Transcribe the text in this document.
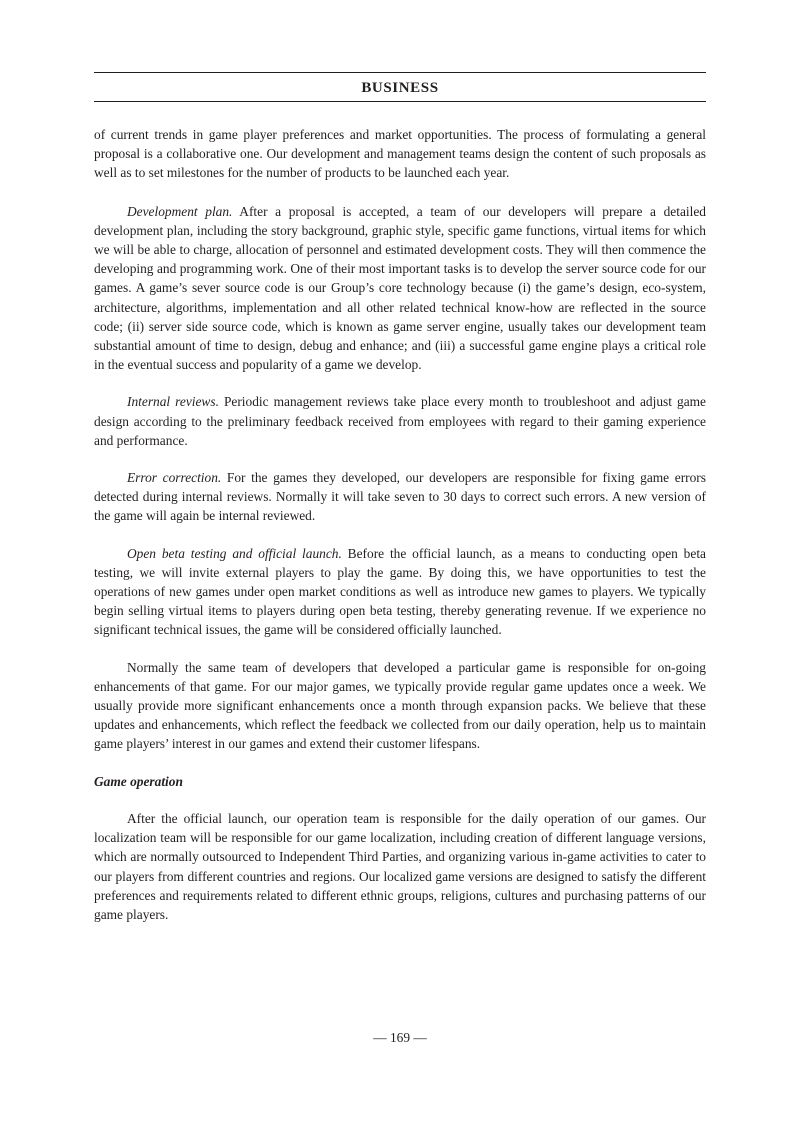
BUSINESS

of current trends in game player preferences and market opportunities. The process of formulating a general proposal is a collaborative one. Our development and management teams design the content of such proposals as well as to set milestones for the number of products to be launched each year.

Development plan. After a proposal is accepted, a team of our developers will prepare a detailed development plan, including the story background, graphic style, specific game functions, virtual items for which we will be able to charge, allocation of personnel and estimated development costs. They will then commence the developing and programming work. One of their most important tasks is to develop the server source code for our games. A game’s sever source code is our Group’s core technology because (i) the game’s design, eco-system, architecture, algorithms, implementation and all other related technical know-how are reflected in the source code; (ii) server side source code, which is known as game server engine, usually takes our development team substantial amount of time to design, debug and enhance; and (iii) a successful game engine plays a critical role in the eventual success and popularity of a game we develop.

Internal reviews. Periodic management reviews take place every month to troubleshoot and adjust game design according to the preliminary feedback received from employees with regard to their gaming experience and performance.

Error correction. For the games they developed, our developers are responsible for fixing game errors detected during internal reviews. Normally it will take seven to 30 days to correct such errors. A new version of the game will again be internal reviewed.

Open beta testing and official launch. Before the official launch, as a means to conducting open beta testing, we will invite external players to play the game. By doing this, we have opportunities to test the operations of new games under open market conditions as well as introduce new games to players. We typically begin selling virtual items to players during open beta testing, thereby generating revenue. If we experience no significant technical issues, the game will be considered officially launched.

Normally the same team of developers that developed a particular game is responsible for on-going enhancements of that game. For our major games, we typically provide regular game updates once a week. We usually provide more significant enhancements once a month through expansion packs. We believe that these updates and enhancements, which reflect the feedback we collected from our daily operation, help us to maintain game players’ interest in our games and extend their customer lifespans.

Game operation

After the official launch, our operation team is responsible for the daily operation of our games. Our localization team will be responsible for our game localization, including creation of different language versions, which are normally outsourced to Independent Third Parties, and organizing various in-game activities to cater to our players from different countries and regions. Our localized game versions are designed to satisfy the different preferences and requirements related to different ethnic groups, religions, cultures and purchasing patterns of our game players.

— 169 —
